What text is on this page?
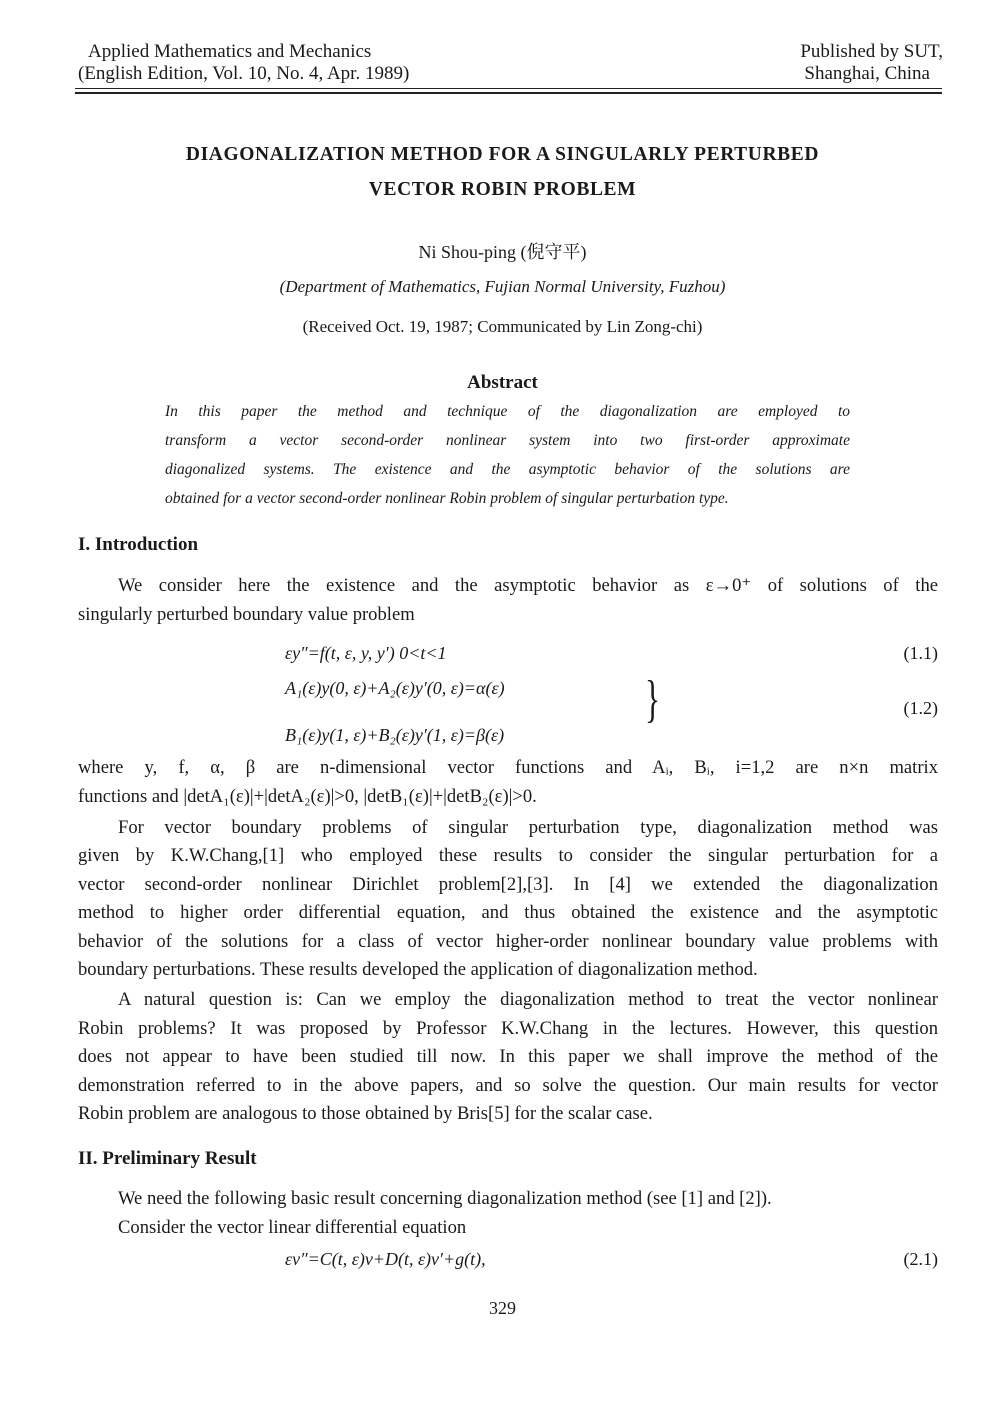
Applied Mathematics and Mechanics
(English Edition, Vol. 10, No. 4, Apr. 1989)
Published by SUT,
Shanghai, China
DIAGONALIZATION METHOD FOR A SINGULARLY PERTURBED
VECTOR ROBIN PROBLEM
Ni Shou-ping (倪守平)
(Department of Mathematics, Fujian Normal University, Fuzhou)
(Received Oct. 19, 1987; Communicated by Lin Zong-chi)
Abstract
In this paper the method and technique of the diagonalization are employed to
transform a vector second-order nonlinear system into two first-order approximate
diagonalized systems. The existence and the asymptotic behavior of the solutions are
obtained for a vector second-order nonlinear Robin problem of singular perturbation type.
I. Introduction
We consider here the existence and the asymptotic behavior as ε→0⁺ of solutions of the
singularly perturbed boundary value problem
εy″=f(t, ε, y, y′) 0<t<1	(1.1)
A₁(ε)y(0, ε)+A₂(ε)y′(0, ε)=α(ε)
B₁(ε)y(1, ε)+B₂(ε)y′(1, ε)=β(ε)
}	(1.2)
where y, f, α, β are n-dimensional vector functions and Aᵢ, Bᵢ, i=1,2 are n×n matrix
functions and |detA₁(ε)|+|detA₂(ε)|>0, |detB₁(ε)|+|detB₂(ε)|>0.
For vector boundary problems of singular perturbation type, diagonalization method was
given by K.W.Chang,[1] who employed these results to consider the singular perturbation for a
vector second-order nonlinear Dirichlet problem[2],[3]. In [4] we extended the diagonalization
method to higher order differential equation, and thus obtained the existence and the asymptotic
behavior of the solutions for a class of vector higher-order nonlinear boundary value problems with
boundary perturbations. These results developed the application of diagonalization method.
A natural question is: Can we employ the diagonalization method to treat the vector nonlinear
Robin problems? It was proposed by Professor K.W.Chang in the lectures. However, this question
does not appear to have been studied till now. In this paper we shall improve the method of the
demonstration referred to in the above papers, and so solve the question. Our main results for vector
Robin problem are analogous to those obtained by Bris[5] for the scalar case.
II. Preliminary Result
We need the following basic result concerning diagonalization method (see [1] and [2]).
Consider the vector linear differential equation
εv″=C(t, ε)v+D(t, ε)v′+g(t),	(2.1)
329
